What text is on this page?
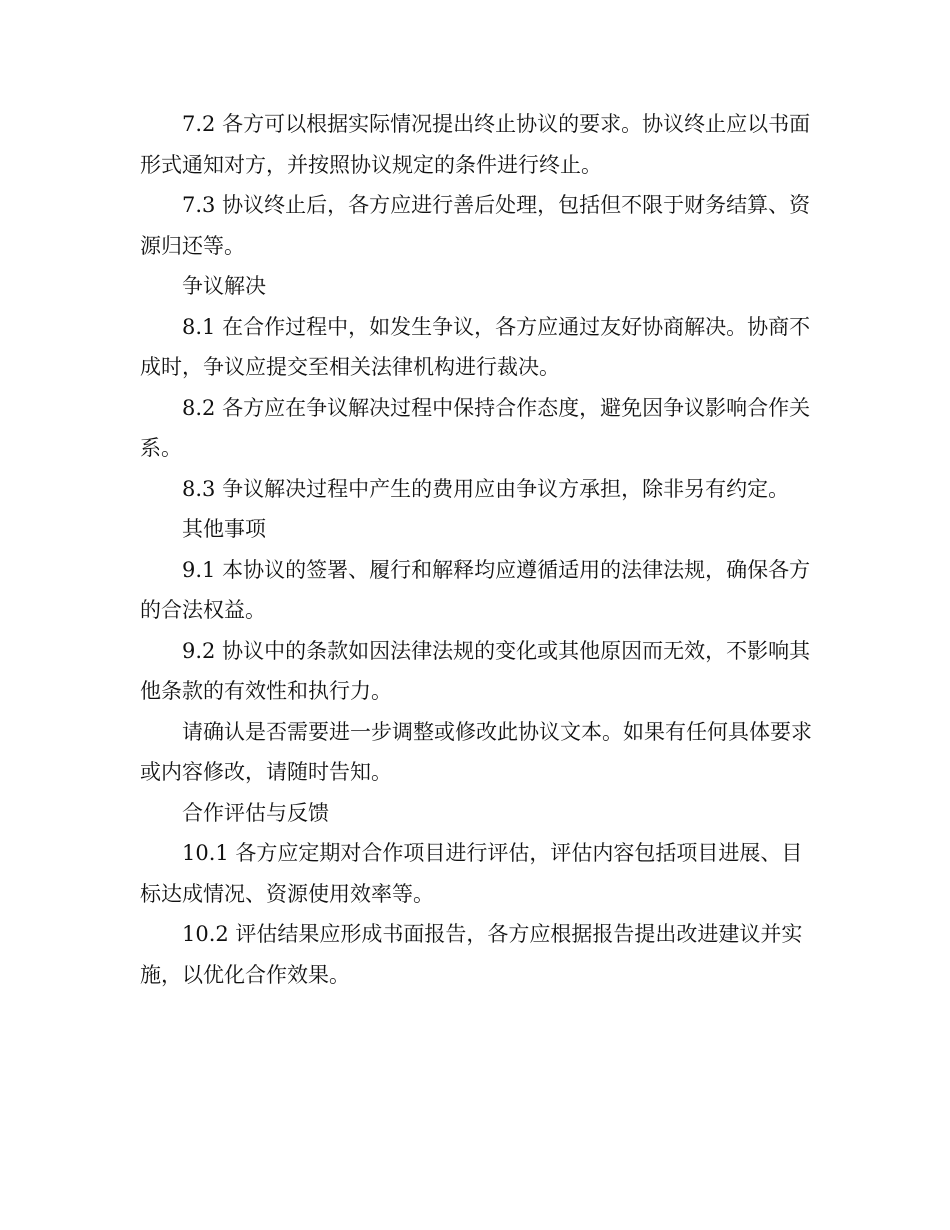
7.2 各方可以根据实际情况提出终止协议的要求。协议终止应以书面形式通知对方，并按照协议规定的条件进行终止。

7.3 协议终止后，各方应进行善后处理，包括但不限于财务结算、资源归还等。

争议解决

8.1 在合作过程中，如发生争议，各方应通过友好协商解决。协商不成时，争议应提交至相关法律机构进行裁决。

8.2 各方应在争议解决过程中保持合作态度，避免因争议影响合作关系。

8.3 争议解决过程中产生的费用应由争议方承担，除非另有约定。

其他事项

9.1 本协议的签署、履行和解释均应遵循适用的法律法规，确保各方的合法权益。

9.2 协议中的条款如因法律法规的变化或其他原因而无效，不影响其他条款的有效性和执行力。

请确认是否需要进一步调整或修改此协议文本。如果有任何具体要求或内容修改，请随时告知。

合作评估与反馈

10.1 各方应定期对合作项目进行评估，评估内容包括项目进展、目标达成情况、资源使用效率等。

10.2 评估结果应形成书面报告，各方应根据报告提出改进建议并实施，以优化合作效果。
